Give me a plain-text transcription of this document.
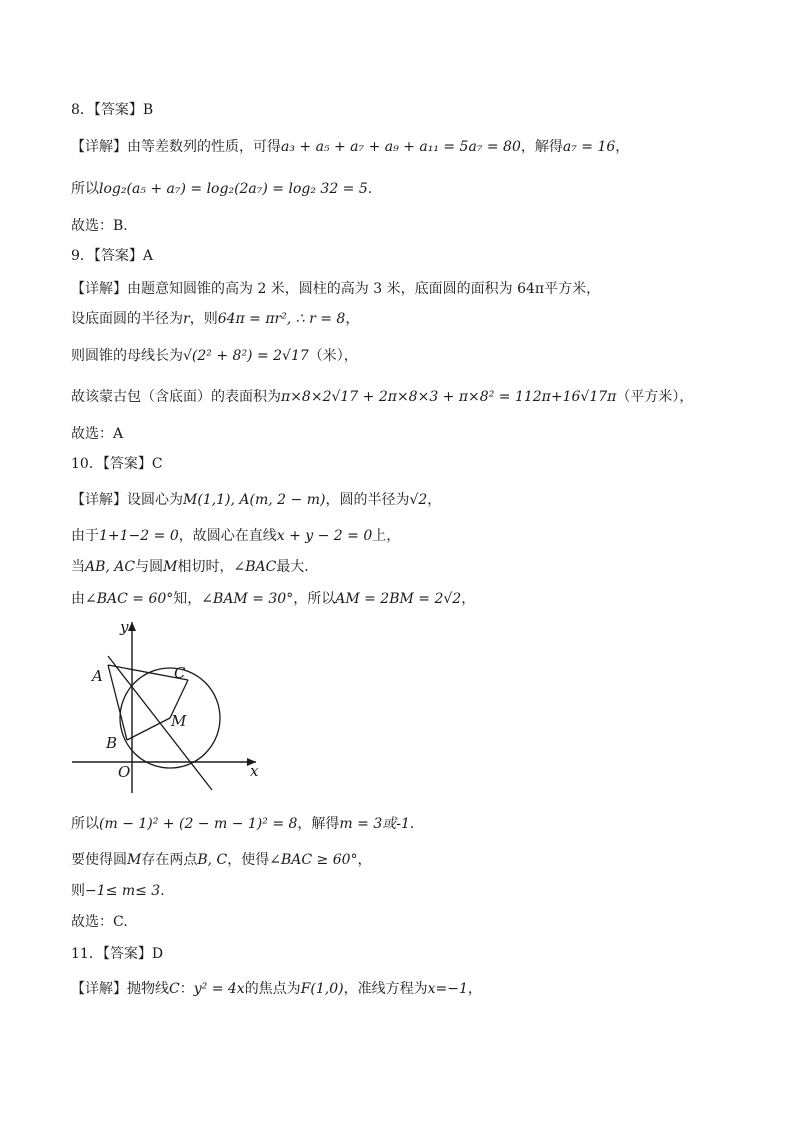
8．【答案】B
【详解】由等差数列的性质，可得a₃ + a₅ + a₇ + a₉ + a₁₁ = 5a₇ = 80，解得a₇ = 16，
所以log₂(a₅ + a₇) = log₂(2a₇) = log₂ 32 = 5.
故选：B.
9．【答案】A
【详解】由题意知圆锥的高为 2 米，圆柱的高为 3 米，底面圆的面积为 64π平方米，
设底面圆的半径为r，则64π = πr², ∴ r = 8，
则圆锥的母线长为√(2² + 8²) = 2√17（米），
故该蒙古包（含底面）的表面积为π×8×2√17 + 2π×8×3 + π×8² = 112π+16√17π（平方米），
故选：A
10．【答案】C
【详解】设圆心为M(1,1), A(m, 2 − m)，圆的半径为√2，
由于1+1−2 = 0，故圆心在直线x + y − 2 = 0上，
当AB, AC与圆M相切时，∠BAC最大.
由∠BAC = 60°知，∠BAM = 30°，所以AM = 2BM = 2√2，
y
x
A	C
M
B
O
所以(m − 1)² + (2 − m − 1)² = 8，解得m = 3或-1.
要使得圆M存在两点B, C，使得∠BAC ≥ 60°，
则−1≤ m≤ 3.
故选：C.
11．【答案】D
【详解】抛物线C：y² = 4x的焦点为F(1,0)，准线方程为x=−1，
